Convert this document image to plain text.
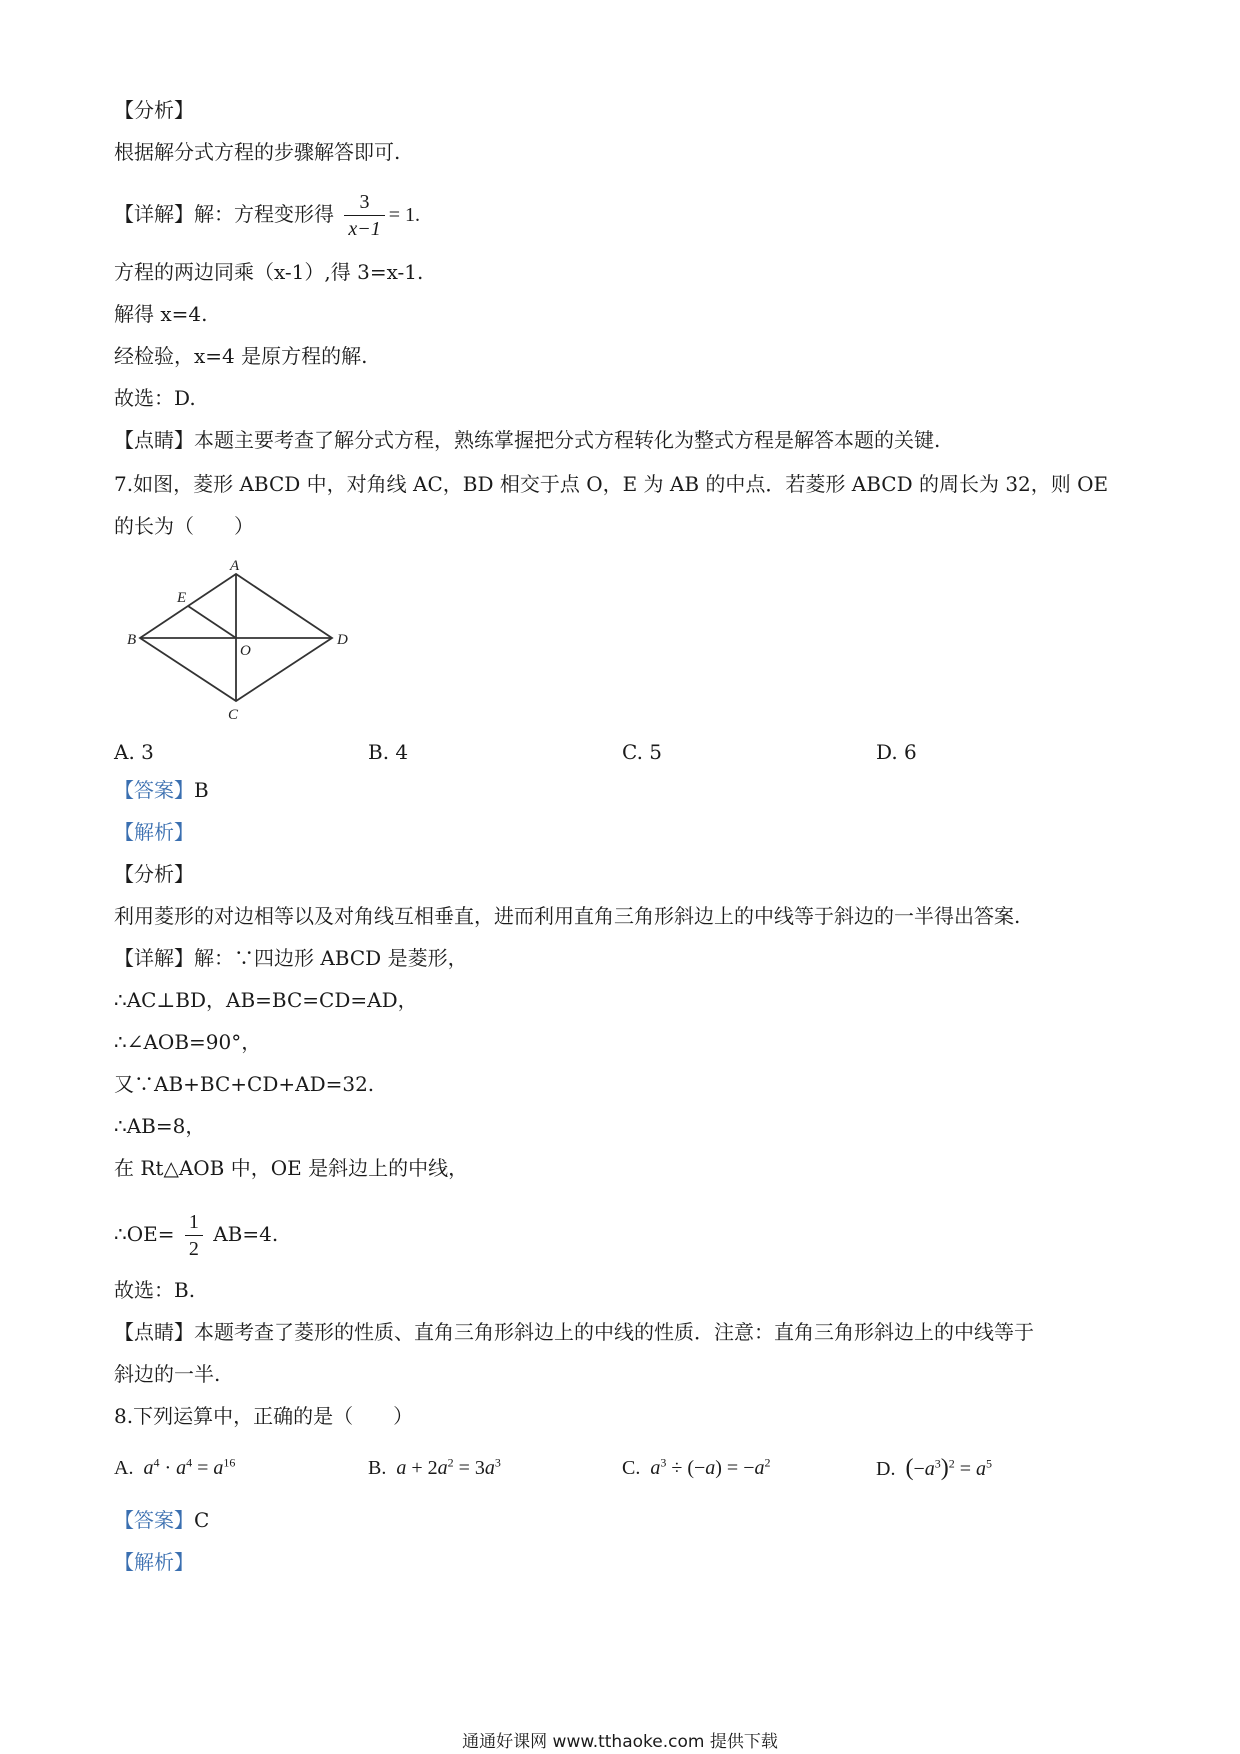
【分析】
根据解分式方程的步骤解答即可.
【详解】解：方程变形得 $\frac{3}{x-1} = 1$.
方程的两边同乘（x-1）,得 3=x-1.
解得 x=4.
经检验，x=4 是原方程的解.
故选：D.
【点睛】本题主要考查了解分式方程，熟练掌握把分式方程转化为整式方程是解答本题的关键.
7.如图，菱形 ABCD 中，对角线 AC，BD 相交于点 O，E 为 AB 的中点．若菱形 ABCD 的周长为 32，则 OE
的长为（　　）
A
B
C
D
E
O
A. 3	B. 4	C. 5	D. 6
【答案】B
【解析】
【分析】
利用菱形的对边相等以及对角线互相垂直，进而利用直角三角形斜边上的中线等于斜边的一半得出答案.
【详解】解：∵四边形 ABCD 是菱形，
∴AC⊥BD，AB=BC=CD=AD，
∴∠AOB=90°，
又∵AB+BC+CD+AD=32.
∴AB=8，
在 Rt△AOB 中，OE 是斜边上的中线，
∴OE= $\frac{1}{2} AB=4$.
故选：B.
【点睛】本题考查了菱形的性质、直角三角形斜边上的中线的性质．注意：直角三角形斜边上的中线等于
斜边的一半.
8.下列运算中，正确的是（　　）
A. $a^4 \cdot a^4 = a^{16}$	B. $a + 2a^2 = 3a^3$	C. $a^3 \div (-a) = -a^2$	D. $(-a^3)^2 = a^5$
【答案】C
【解析】
通通好课网 www.tthaoke.com 提供下载
